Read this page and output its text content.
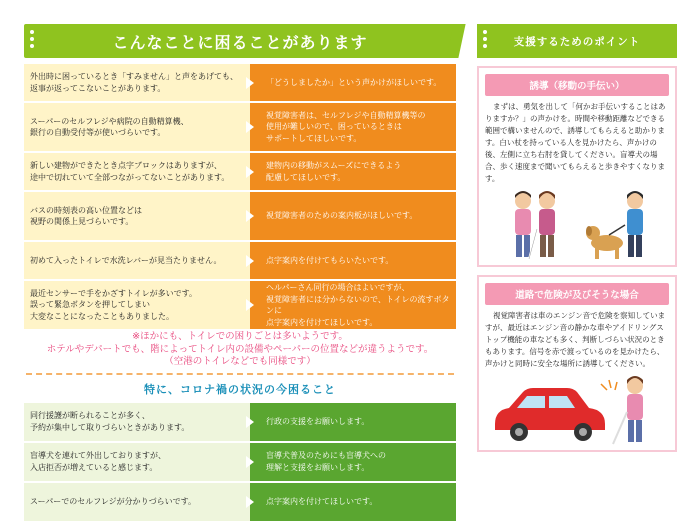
こんなことに困ることがあります
外出時に困っているとき「すみません」と声をあげても、
返事が返ってこないことがあります。
「どうしましたか」という声かけがほしいです。
スーパーのセルフレジや病院の自動精算機、
銀行の自動受付等が使いづらいです。
視覚障害者は、セルフレジや自動精算機等の
使用が難しいので、困っているときは
サポートしてほしいです。
新しい建物ができたとき点字ブロックはありますが、
途中で切れていて全部つながってないことがあります。
建物内の移動がスムーズにできるよう
配慮してほしいです。
バスの時刻表の高い位置などは
視野の関係上見づらいです。
視覚障害者のための案内板がほしいです。
初めて入ったトイレで水洗レバーが見当たりません。	点字案内を付けてもらいたいです。
最近センサーで手をかざすトイレが多いです。
誤って緊急ボタンを押してしまい
大変なことになったこともありました。
ヘルパーさん同行の場合はよいですが、
視覚障害者には分からないので、トイレの流すボタンに
点字案内を付けてほしいです。
※ほかにも、トイレでの困りごとは多いようです。
ホテルやデパートでも、階によってトイレ内の設備やペーパーの位置などが違うようです。
（空港のトイレなどでも同様です）
特に、コロナ禍の状況の今困ること
同行援護が断られることが多く、
予約が集中して取りづらいときがあります。
行政の支援をお願いします。
盲導犬を連れて外出しておりますが、
入店拒否が増えていると感じます。
盲導犬普及のためにも盲導犬への
理解と支援をお願いします。
スーパーでのセルフレジが分かりづらいです。	点字案内を付けてほしいです。
支援するためのポイント
誘導（移動の手伝い）
まずは、勇気を出して「何かお手伝いすることはありますか？」の声かけを。時間や移動距離などできる範囲で構いませんので、誘導してもらえると助かります。白い杖を持っている人を見かけたら、声かけの後、左側に立ち右肘を貸してください。盲導犬の場合、歩く速度まで聞いてもらえると歩きやすくなります。
道路で危険が及びそうな場合
視覚障害者は車のエンジン音で危険を察知していますが、最近はエンジン音の静かな車やアイドリングストップ機能の車なども多く、判断しづらい状況のときもあります。信号を赤で渡っているのを見かけたら、声かけと同時に安全な場所に誘導してください。
